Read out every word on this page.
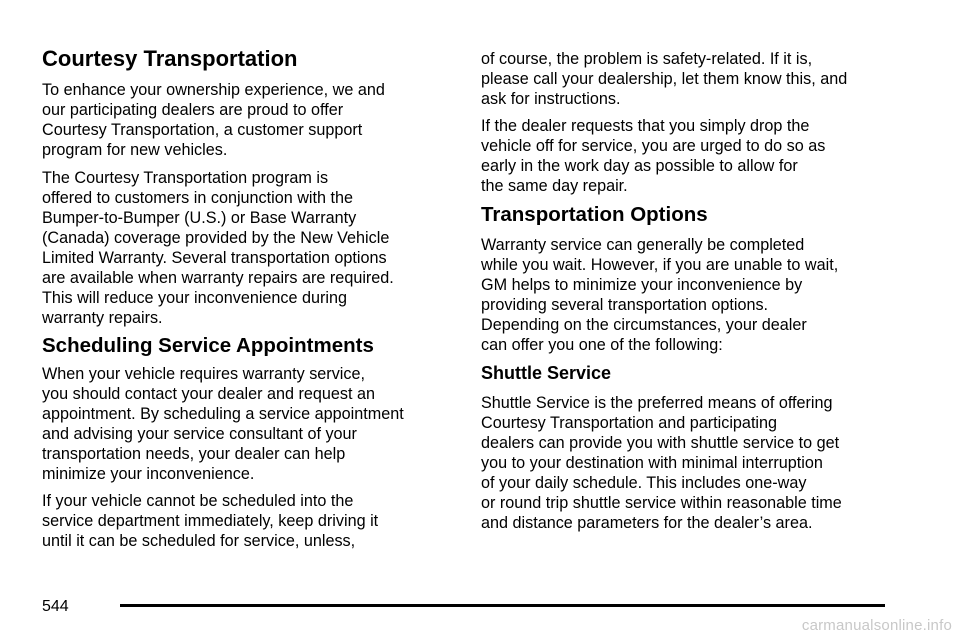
Courtesy Transportation

To enhance your ownership experience, we and

our participating dealers are proud to offer

Courtesy Transportation, a customer support

program for new vehicles.

The Courtesy Transportation program is

offered to customers in conjunction with the

Bumper-to-Bumper (U.S.) or Base Warranty

(Canada) coverage provided by the New Vehicle

Limited Warranty. Several transportation options

are available when warranty repairs are required.

This will reduce your inconvenience during

warranty repairs.

Scheduling Service Appointments

When your vehicle requires warranty service,

you should contact your dealer and request an

appointment. By scheduling a service appointment

and advising your service consultant of your

transportation needs, your dealer can help

minimize your inconvenience.

If your vehicle cannot be scheduled into the

service department immediately, keep driving it

until it can be scheduled for service, unless,

of course, the problem is safety-related. If it is,

please call your dealership, let them know this, and

ask for instructions.

If the dealer requests that you simply drop the

vehicle off for service, you are urged to do so as

early in the work day as possible to allow for

the same day repair.

Transportation Options

Warranty service can generally be completed

while you wait. However, if you are unable to wait,

GM helps to minimize your inconvenience by

providing several transportation options.

Depending on the circumstances, your dealer

can offer you one of the following:

Shuttle Service

Shuttle Service is the preferred means of offering

Courtesy Transportation and participating

dealers can provide you with shuttle service to get

you to your destination with minimal interruption

of your daily schedule. This includes one-way

or round trip shuttle service within reasonable time

and distance parameters for the dealer’s area.

544
carmanualsonline.info
